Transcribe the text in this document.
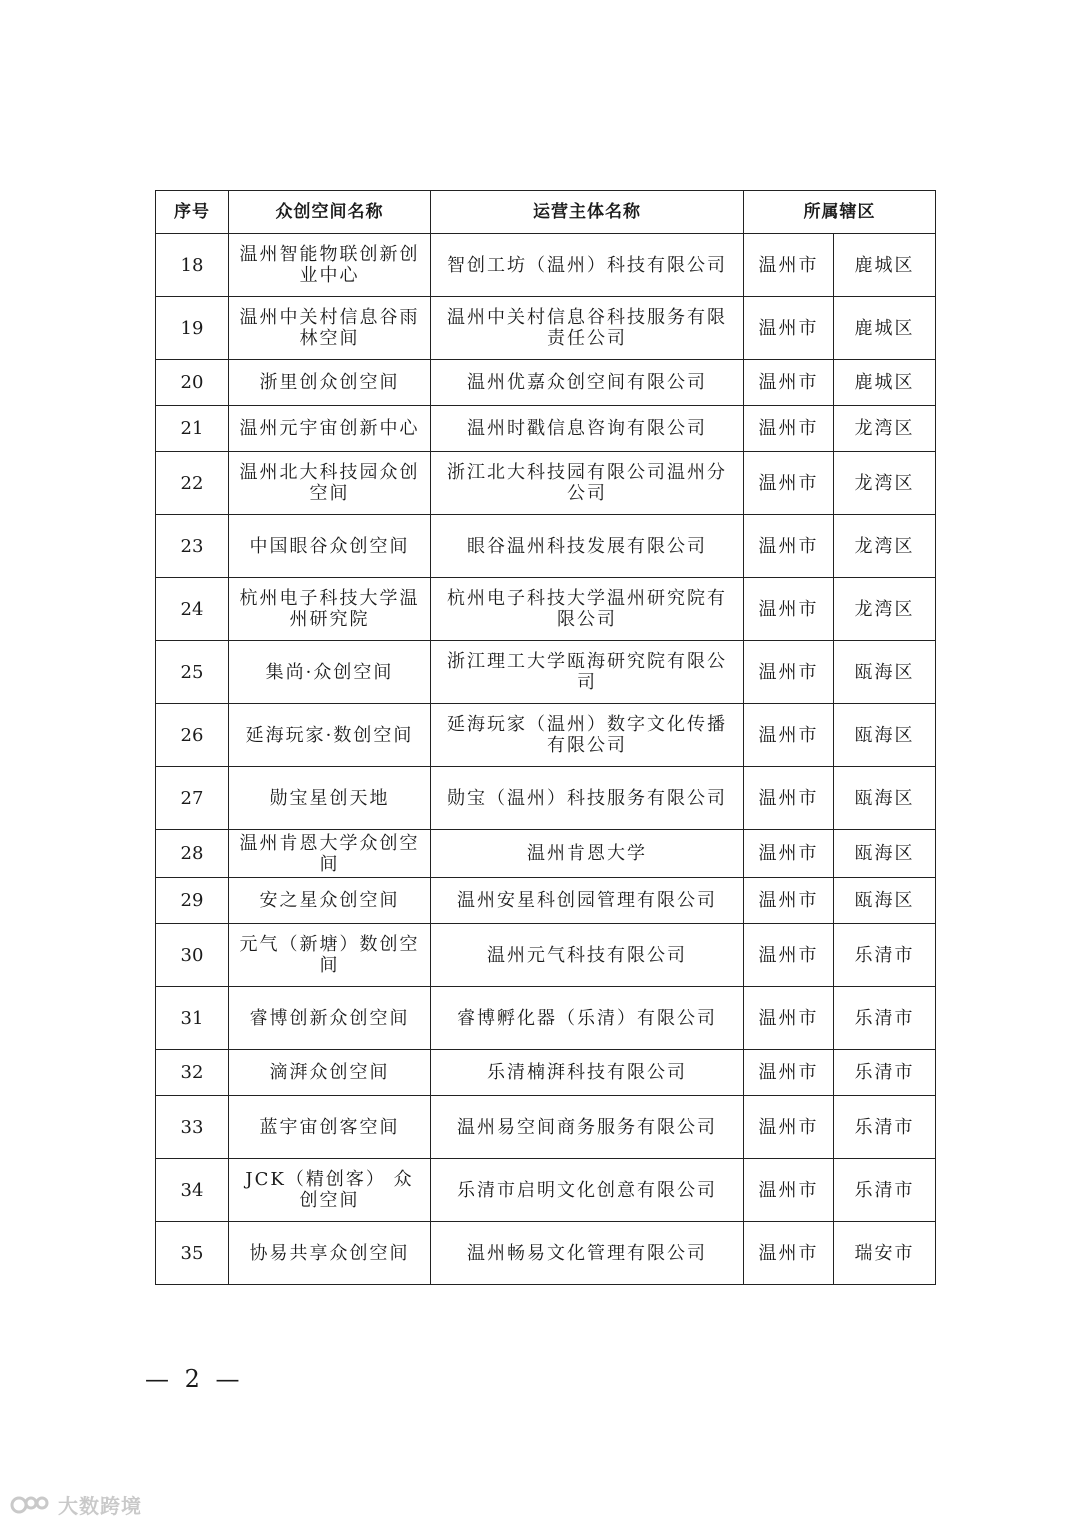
序号	众创空间名称	运营主体名称	所属辖区	
18	温州智能物联创新创业中心	智创工坊（温州）科技有限公司	温州市	鹿城区
19	温州中关村信息谷雨林空间	温州中关村信息谷科技服务有限责任公司	温州市	鹿城区
20	浙里创众创空间	温州优嘉众创空间有限公司	温州市	鹿城区
21	温州元宇宙创新中心	温州时戳信息咨询有限公司	温州市	龙湾区
22	温州北大科技园众创空间	浙江北大科技园有限公司温州分公司	温州市	龙湾区
23	中国眼谷众创空间	眼谷温州科技发展有限公司	温州市	龙湾区
24	杭州电子科技大学温州研究院	杭州电子科技大学温州研究院有限公司	温州市	龙湾区
25	集尚·众创空间	浙江理工大学瓯海研究院有限公司	温州市	瓯海区
26	延海玩家·数创空间	延海玩家（温州）数字文化传播有限公司	温州市	瓯海区
27	勋宝星创天地	勋宝（温州）科技服务有限公司	温州市	瓯海区
28	温州肯恩大学众创空间	温州肯恩大学	温州市	瓯海区
29	安之星众创空间	温州安星科创园管理有限公司	温州市	瓯海区
30	元气（新塘）数创空间	温州元气科技有限公司	温州市	乐清市
31	睿博创新众创空间	睿博孵化器（乐清）有限公司	温州市	乐清市
32	滴湃众创空间	乐清楠湃科技有限公司	温州市	乐清市
33	蓝宇宙创客空间	温州易空间商务服务有限公司	温州市	乐清市
34	JCK（精创客） 众创空间	乐清市启明文化创意有限公司	温州市	乐清市
35	协易共享众创空间	温州畅易文化管理有限公司	温州市	瑞安市
— 2 —
大数跨境
